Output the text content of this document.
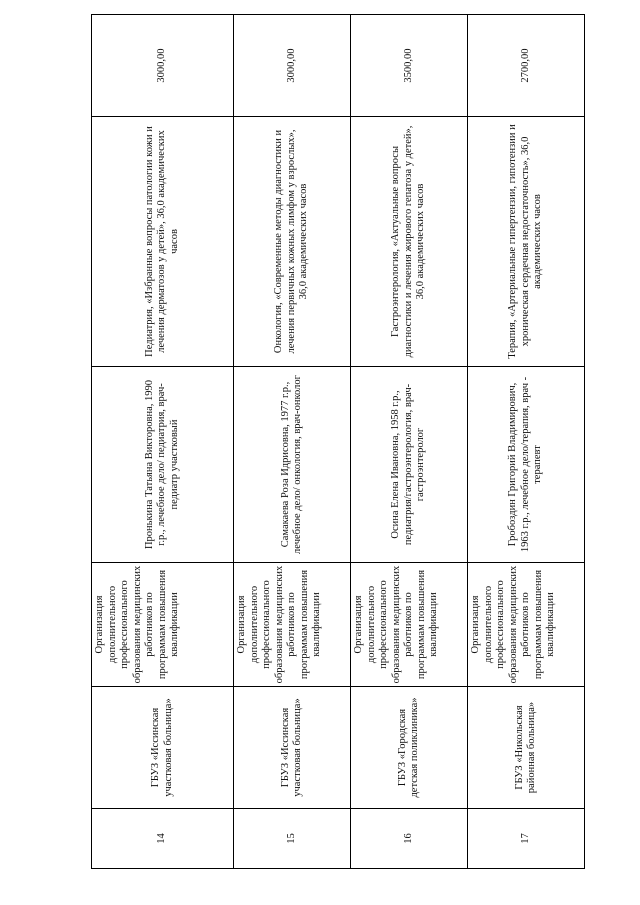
14	ГБУЗ «Иссинская участковая больница»	Организация дополнительного профессионального образования медицинских работников по программам повышения квалификации	Пронькина Татьяна Викторовна, 1990 г.р., лечебное дело/ педиатрия, врач-педиатр участковый	Педиатрия, «Избранные вопросы патологии кожи и лечения дерматозов у детей», 36,0 академических часов	3000,00
15	ГБУЗ «Иссинская участковая больница»	Организация дополнительного профессионального образования медицинских работников по программам повышения квалификации	Самакаева Роза Идрисовна, 1977 г.р., лечебное дело/ онкология, врач-онколог	Онкология, «Современные методы диагностики и лечения первичных кожных лимфом у взрослых», 36,0 академических часов	3000,00
16	ГБУЗ «Городская детская поликлиника»	Организация дополнительного профессионального образования медицинских работников по программам повышения квалификации	Осина Елена Ивановна, 1958 г.р., педиатрия/гастроэнтерология, врач-гастроэнтеролог	Гастроэнтерология, «Актуальные вопросы диагностики и лечения жирового гепатоза у детей», 36,0 академических часов	3500,00
17	ГБУЗ «Никольская районная больница»	Организация дополнительного профессионального образования медицинских работников по программам повышения квалификации	Гробоздин Григорий Владимирович, 1963 г.р., лечебное дело/терапия, врач - терапевт	Терапия, «Артериальные гипертензии, гипотензии и хроническая сердечная недостаточность», 36,0 академических часов	2700,00
